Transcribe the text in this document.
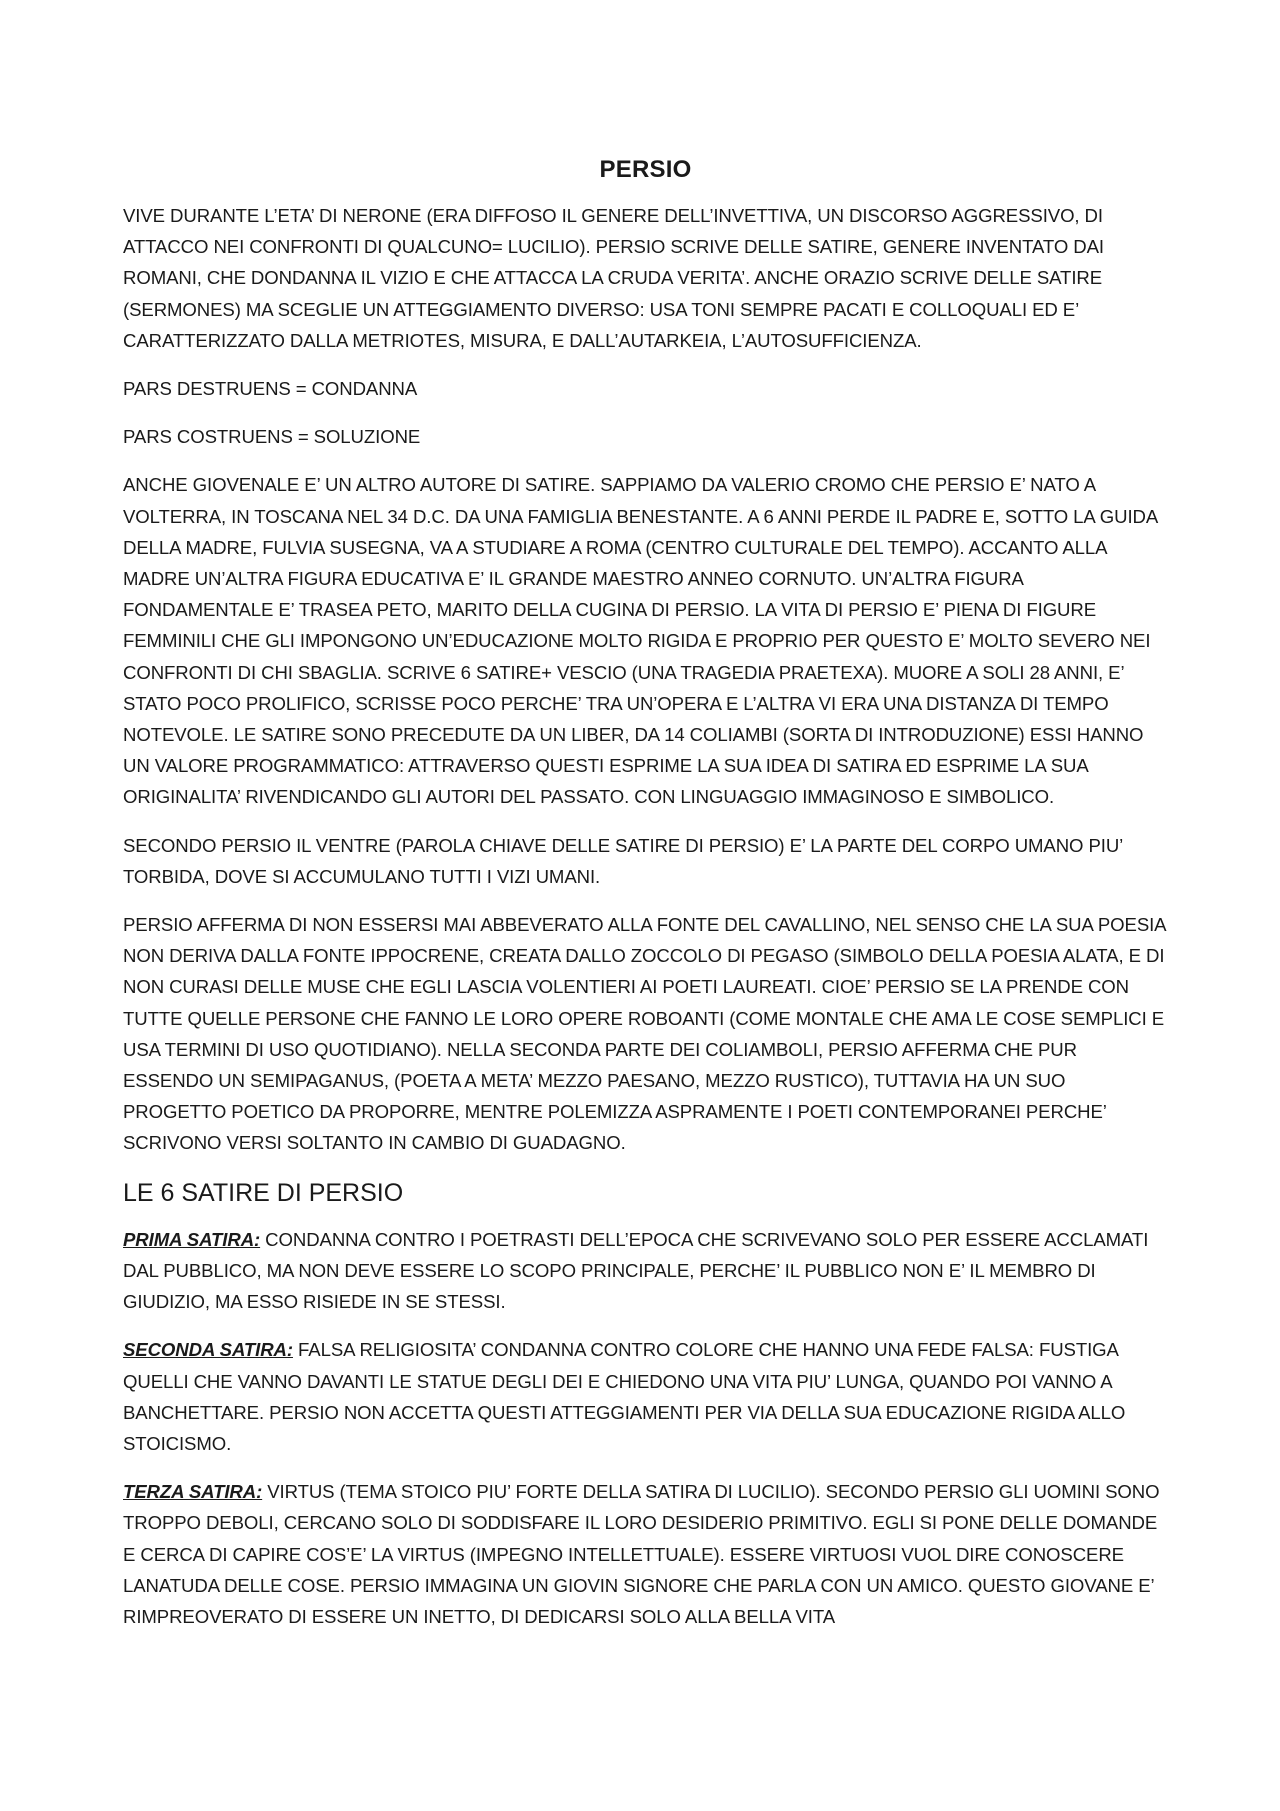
PERSIO

VIVE DURANTE L’ETA’ DI NERONE (ERA DIFFOSO IL GENERE DELL’INVETTIVA, UN DISCORSO AGGRESSIVO, DI ATTACCO NEI CONFRONTI DI QUALCUNO= LUCILIO). PERSIO SCRIVE DELLE SATIRE, GENERE INVENTATO DAI ROMANI, CHE DONDANNA IL VIZIO E CHE ATTACCA LA CRUDA VERITA’. ANCHE ORAZIO SCRIVE DELLE SATIRE (SERMONES) MA SCEGLIE UN ATTEGGIAMENTO DIVERSO: USA TONI SEMPRE PACATI E COLLOQUALI ED E’ CARATTERIZZATO DALLA METRIOTES, MISURA, E DALL’AUTARKEIA, L’AUTOSUFFICIENZA.

PARS DESTRUENS = CONDANNA

PARS COSTRUENS = SOLUZIONE

ANCHE GIOVENALE E’ UN ALTRO AUTORE DI SATIRE. SAPPIAMO DA VALERIO CROMO CHE PERSIO E’ NATO A VOLTERRA, IN TOSCANA NEL 34 D.C. DA UNA FAMIGLIA BENESTANTE. A 6 ANNI PERDE IL PADRE E, SOTTO LA GUIDA DELLA MADRE, FULVIA SUSEGNA, VA A STUDIARE A ROMA (CENTRO CULTURALE DEL TEMPO). ACCANTO ALLA MADRE UN’ALTRA FIGURA EDUCATIVA E’ IL GRANDE MAESTRO ANNEO CORNUTO. UN’ALTRA FIGURA FONDAMENTALE E’ TRASEA PETO, MARITO DELLA CUGINA DI PERSIO. LA VITA DI PERSIO E’ PIENA DI FIGURE FEMMINILI CHE GLI IMPONGONO UN’EDUCAZIONE MOLTO RIGIDA E PROPRIO PER QUESTO E’ MOLTO SEVERO NEI CONFRONTI DI CHI SBAGLIA. SCRIVE 6 SATIRE+ VESCIO (UNA TRAGEDIA PRAETEXA). MUORE A SOLI 28 ANNI, E’ STATO POCO PROLIFICO, SCRISSE POCO PERCHE’ TRA UN’OPERA E L’ALTRA VI ERA UNA DISTANZA DI TEMPO NOTEVOLE. LE SATIRE SONO PRECEDUTE DA UN LIBER, DA 14 COLIAMBI (SORTA DI INTRODUZIONE) ESSI HANNO UN VALORE PROGRAMMATICO: ATTRAVERSO QUESTI ESPRIME LA SUA IDEA DI SATIRA ED ESPRIME LA SUA ORIGINALITA’ RIVENDICANDO GLI AUTORI DEL PASSATO. CON LINGUAGGIO IMMAGINOSO E SIMBOLICO.

SECONDO PERSIO IL VENTRE (PAROLA CHIAVE DELLE SATIRE DI PERSIO) E’ LA PARTE DEL CORPO UMANO PIU’ TORBIDA, DOVE SI ACCUMULANO TUTTI I VIZI UMANI.

PERSIO AFFERMA DI NON ESSERSI MAI ABBEVERATO ALLA FONTE DEL CAVALLINO, NEL SENSO CHE LA SUA POESIA NON DERIVA DALLA FONTE IPPOCRENE, CREATA DALLO ZOCCOLO DI PEGASO (SIMBOLO DELLA POESIA ALATA, E DI NON CURASI DELLE MUSE CHE EGLI LASCIA VOLENTIERI AI POETI LAUREATI. CIOE’ PERSIO SE LA PRENDE CON TUTTE QUELLE PERSONE CHE FANNO LE LORO OPERE ROBOANTI (COME MONTALE CHE AMA LE COSE SEMPLICI E USA TERMINI DI USO QUOTIDIANO). NELLA SECONDA PARTE DEI COLIAMBOLI, PERSIO AFFERMA CHE PUR ESSENDO UN SEMIPAGANUS, (POETA A META’ MEZZO PAESANO, MEZZO RUSTICO), TUTTAVIA HA UN SUO PROGETTO POETICO DA PROPORRE, MENTRE POLEMIZZA ASPRAMENTE I POETI CONTEMPORANEI PERCHE’ SCRIVONO VERSI SOLTANTO IN CAMBIO DI GUADAGNO.

LE 6 SATIRE DI PERSIO

PRIMA SATIRA: CONDANNA CONTRO I POETRASTI DELL’EPOCA CHE SCRIVEVANO SOLO PER ESSERE ACCLAMATI DAL PUBBLICO, MA NON DEVE ESSERE LO SCOPO PRINCIPALE, PERCHE’ IL PUBBLICO NON E’ IL MEMBRO DI GIUDIZIO, MA ESSO RISIEDE IN SE STESSI.

SECONDA SATIRA: FALSA RELIGIOSITA’ CONDANNA CONTRO COLORE CHE HANNO UNA FEDE FALSA: FUSTIGA QUELLI CHE VANNO DAVANTI LE STATUE DEGLI DEI E CHIEDONO UNA VITA PIU’ LUNGA, QUANDO POI VANNO A BANCHETTARE. PERSIO NON ACCETTA QUESTI ATTEGGIAMENTI PER VIA DELLA SUA EDUCAZIONE RIGIDA ALLO STOICISMO.

TERZA SATIRA: VIRTUS (TEMA STOICO PIU’ FORTE DELLA SATIRA DI LUCILIO). SECONDO PERSIO GLI UOMINI SONO TROPPO DEBOLI, CERCANO SOLO DI SODDISFARE IL LORO DESIDERIO PRIMITIVO. EGLI SI PONE DELLE DOMANDE E CERCA DI CAPIRE COS’E’ LA VIRTUS (IMPEGNO INTELLETTUALE). ESSERE VIRTUOSI VUOL DIRE CONOSCERE LANATUDA DELLE COSE. PERSIO IMMAGINA UN GIOVIN SIGNORE CHE PARLA CON UN AMICO. QUESTO GIOVANE E’ RIMPREOVERATO DI ESSERE UN INETTO, DI DEDICARSI SOLO ALLA BELLA VITA
